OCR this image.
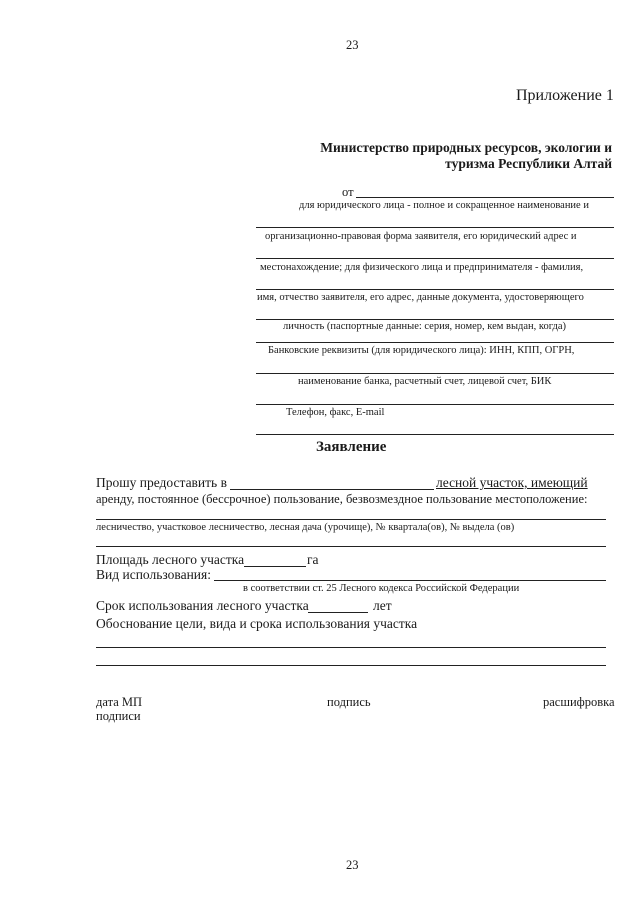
23
Приложение 1
Министерство природных ресурсов, экологии и
туризма Республики Алтай
от
для юридического лица - полное и сокращенное наименование и
организационно-правовая форма заявителя, его юридический адрес и
местонахождение; для физического лица и предпринимателя - фамилия,
имя, отчество заявителя, его адрес, данные документа, удостоверяющего
личность (паспортные данные: серия, номер, кем выдан, когда)
Банковские реквизиты (для юридического лица): ИНН, КПП, ОГРН,
наименование банка, расчетный счет, лицевой счет, БИК
Телефон, факс, E-mail
Заявление
Прошу предоставить в	лесной участок, имеющий
аренду, постоянное (бессрочное) пользование, безвозмездное пользование местоположение:
лесничество, участковое лесничество, лесная дача (урочище), № квартала(ов), № выдела (ов)
Площадь лесного участка	га
Вид использования:
в соответствии ст. 25 Лесного кодекса Российской Федерации
Срок использования лесного участка	лет
Обоснование цели, вида и срока использования участка
дата МП
подписи
подпись	расшифровка
23
